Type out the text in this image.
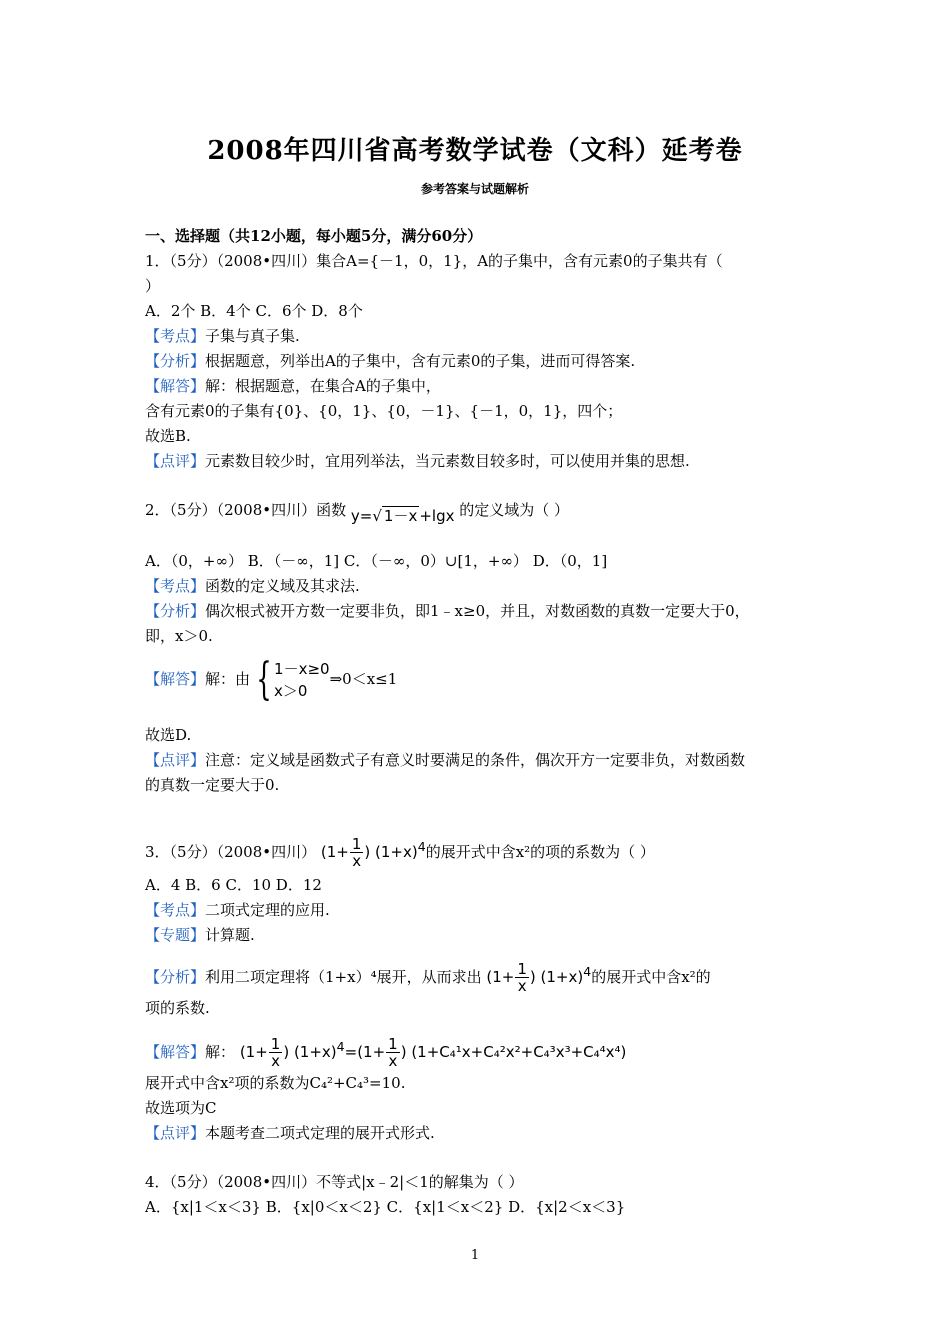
2008年四川省高考数学试卷（文科）延考卷
参考答案与试题解析
一、选择题（共12小题，每小题5分，满分60分）
1．（5分）（2008•四川）集合A={－1，0，1}，A的子集中，含有元素0的子集共有（
）
A．2个 B．4个 C．6个 D．8个
【考点】子集与真子集.
【分析】根据题意，列举出A的子集中，含有元素0的子集，进而可得答案.
【解答】解：根据题意，在集合A的子集中，
含有元素0的子集有{0}、{0，1}、{0，－1}、{－1，0，1}，四个；
故选B.
【点评】元素数目较少时，宜用列举法，当元素数目较多时，可以使用并集的思想.
2．（5分）（2008•四川）函数 y=√ 1－x +lgx 的定义域为（ ）
A．（0，+∞） B．（－∞，1] C．（－∞，0）∪[1，+∞） D．（0，1]
【考点】函数的定义域及其求法.
【分析】偶次根式被开方数一定要非负，即1﹣x≥0，并且，对数函数的真数一定要大于0，
即，x＞0.
【解答】解：由 { 1－x≥0
x＞0
⇒0＜x≤1
故选D.
【点评】注意：定义域是函数式子有意义时要满足的条件，偶次开方一定要非负，对数函数
的真数一定要大于0.
3．（5分）（2008•四川） ($1+ \frac{1}{x}$ ) $(1+x)^4$的展开式中含x²的项的系数为（ ）
A．4 B．6 C．10 D．12
【考点】二项式定理的应用.
【专题】计算题.
【分析】利用二项定理将（1+x）⁴展开，从而求出 ($1+ \frac{1}{x}$ ) $(1+x)^4$的展开式中含x²的
项的系数.
【解答】解： ($1+ \frac{1}{x}$ ) $(1+x)^4=(1+ \frac{1}{x}$ ) (1+C₄¹x+C₄²x²+C₄³x³+C₄⁴x⁴)
展开式中含x²项的系数为C₄²+C₄³=10.
故选项为C
【点评】本题考查二项式定理的展开式形式.
4．（5分）（2008•四川）不等式|x﹣2|＜1的解集为（ ）
A．{x|1＜x＜3} B．{x|0＜x＜2} C．{x|1＜x＜2} D．{x|2＜x＜3}
1
